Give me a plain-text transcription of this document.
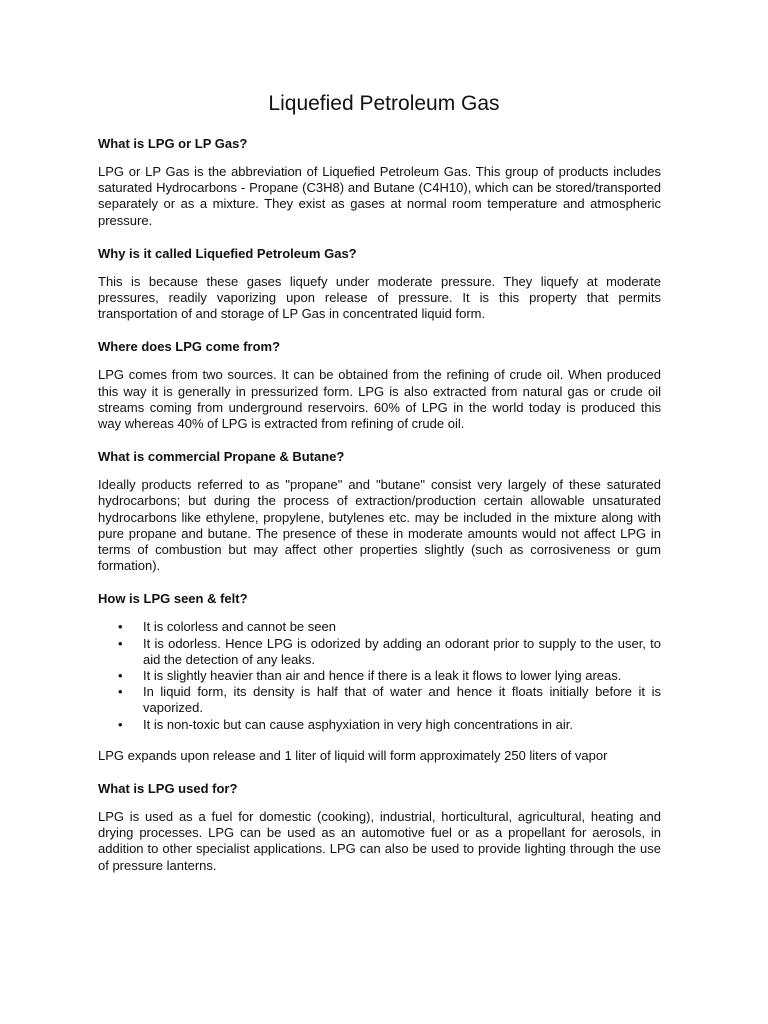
Liquefied Petroleum Gas
What is LPG or LP Gas?

LPG or LP Gas is the abbreviation of Liquefied Petroleum Gas. This group of products includes saturated Hydrocarbons - Propane (C3H8) and Butane (C4H10), which can be stored/transported separately or as a mixture. They exist as gases at normal room temperature and atmospheric pressure.

Why is it called Liquefied Petroleum Gas?

This is because these gases liquefy under moderate pressure. They liquefy at moderate pressures, readily vaporizing upon release of pressure. It is this property that permits transportation of and storage of LP Gas in concentrated liquid form.

Where does LPG come from?

LPG comes from two sources. It can be obtained from the refining of crude oil. When produced this way it is generally in pressurized form. LPG is also extracted from natural gas or crude oil streams coming from underground reservoirs. 60% of LPG in the world today is produced this way whereas 40% of LPG is extracted from refining of crude oil.

What is commercial Propane & Butane?

Ideally products referred to as "propane" and "butane" consist very largely of these saturated hydrocarbons; but during the process of extraction/production certain allowable unsaturated hydrocarbons like ethylene, propylene, butylenes etc. may be included in the mixture along with pure propane and butane. The presence of these in moderate amounts would not affect LPG in terms of combustion but may affect other properties slightly (such as corrosiveness or gum formation).

How is LPG seen & felt?
• It is colorless and cannot be seen
• It is odorless. Hence LPG is odorized by adding an odorant prior to supply to the user, to aid the detection of any leaks.
• It is slightly heavier than air and hence if there is a leak it flows to lower lying areas.
• In liquid form, its density is half that of water and hence it floats initially before it is vaporized.
• It is non-toxic but can cause asphyxiation in very high concentrations in air.

LPG expands upon release and 1 liter of liquid will form approximately 250 liters of vapor

What is LPG used for?

LPG is used as a fuel for domestic (cooking), industrial, horticultural, agricultural, heating and drying processes. LPG can be used as an automotive fuel or as a propellant for aerosols, in addition to other specialist applications. LPG can also be used to provide lighting through the use of pressure lanterns.
